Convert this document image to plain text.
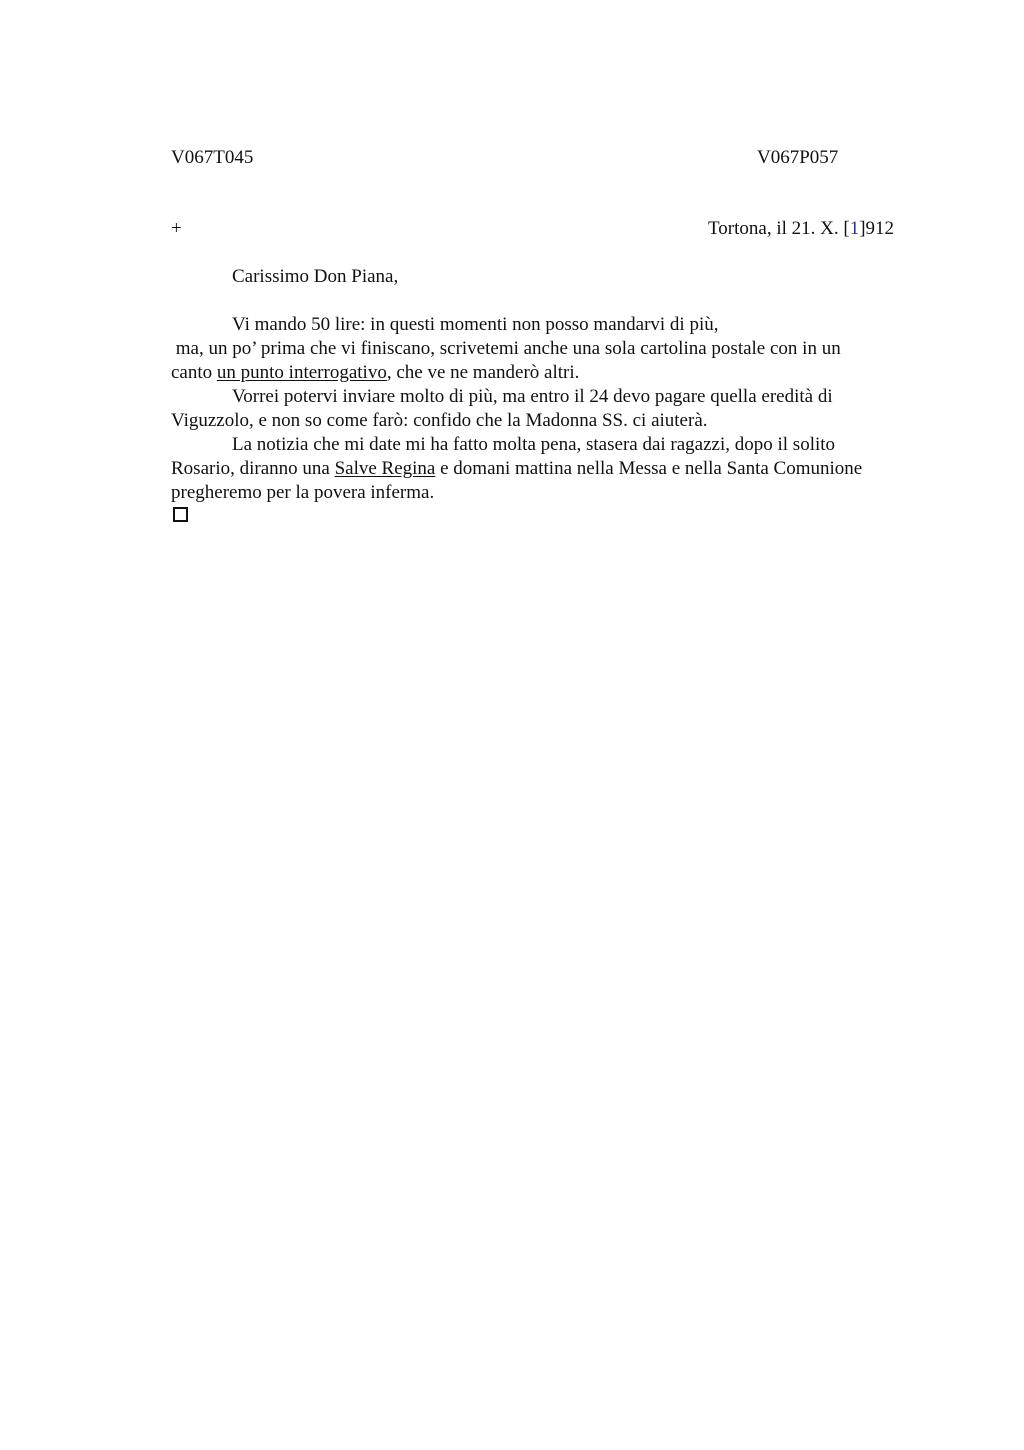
V067T045	V067P057
+	Tortona, il 21. X. [1]912
Carissimo Don Piana,
Vi mando 50 lire: in questi momenti non posso mandarvi di più,
ma, un po’ prima che vi finiscano, scrivetemi anche una sola cartolina postale con in un
canto un punto interrogativo, che ve ne manderò altri.
Vorrei potervi inviare molto di più, ma entro il 24 devo pagare quella eredità di
Viguzzolo, e non so come farò: confido che la Madonna SS. ci aiuterà.
La notizia che mi date mi ha fatto molta pena, stasera dai ragazzi, dopo il solito
Rosario, diranno una Salve Regina e domani mattina nella Messa e nella Santa Comunione
pregheremo per la povera inferma.
